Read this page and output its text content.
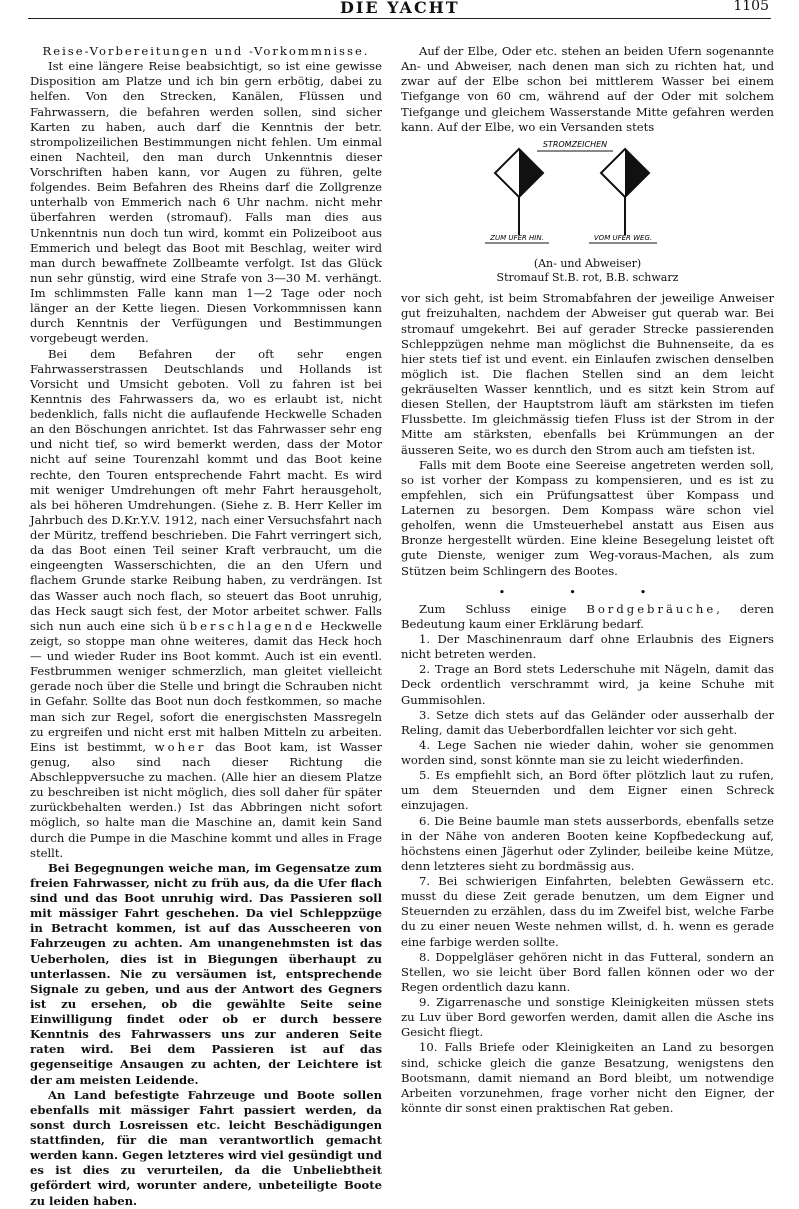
DIE YACHT	1105

Reise-Vorbereitungen und -Vorkommnisse.

Ist eine längere Reise beabsichtigt, so ist eine gewisse Disposition am Platze und ich bin gern erbötig, dabei zu helfen. Von den Strecken, Kanälen, Flüssen und Fahrwassern, die befahren werden sollen, sind sicher Karten zu haben, auch darf die Kenntnis der betr. strompolizeilichen Bestimmungen nicht fehlen. Um einmal einen Nachteil, den man durch Unkenntnis dieser Vorschriften haben kann, vor Augen zu führen, gelte folgendes. Beim Befahren des Rheins darf die Zollgrenze unterhalb von Emmerich nach 6 Uhr nachm. nicht mehr überfahren werden (stromauf). Falls man dies aus Unkenntnis nun doch tun wird, kommt ein Polizeiboot aus Emmerich und belegt das Boot mit Beschlag, weiter wird man durch bewaffnete Zollbeamte verfolgt. Ist das Glück nun sehr günstig, wird eine Strafe von 3—30 M. verhängt. Im schlimmsten Falle kann man 1—2 Tage oder noch länger an der Kette liegen. Diesen Vorkommnissen kann durch Kenntnis der Verfügungen und Bestimmungen vorgebeugt werden.

Bei dem Befahren der oft sehr engen Fahrwasserstrassen Deutschlands und Hollands ist Vorsicht und Umsicht geboten. Voll zu fahren ist bei Kenntnis des Fahrwassers da, wo es erlaubt ist, nicht bedenklich, falls nicht die auflaufende Heckwelle Schaden an den Böschungen anrichtet. Ist das Fahrwasser sehr eng und nicht tief, so wird bemerkt werden, dass der Motor nicht auf seine Tourenzahl kommt und das Boot keine rechte, den Touren entsprechende Fahrt macht. Es wird mit weniger Umdrehungen oft mehr Fahrt herausgeholt, als bei höheren Umdrehungen. (Siehe z. B. Herr Keller im Jahrbuch des D.Kr.Y.V. 1912, nach einer Versuchsfahrt nach der Müritz, treffend beschrieben. Die Fahrt verringert sich, da das Boot einen Teil seiner Kraft verbraucht, um die eingeengten Wasserschichten, die an den Ufern und flachem Grunde starke Reibung haben, zu verdrängen. Ist das Wasser auch noch flach, so steuert das Boot unruhig, das Heck saugt sich fest, der Motor arbeitet schwer. Falls sich nun auch eine sich überschlagende Heckwelle zeigt, so stoppe man ohne weiteres, damit das Heck hoch — und wieder Ruder ins Boot kommt. Auch ist ein eventl. Festbrummen weniger schmerzlich, man gleitet vielleicht gerade noch über die Stelle und bringt die Schrauben nicht in Gefahr. Sollte das Boot nun doch festkommen, so mache man sich zur Regel, sofort die energischsten Massregeln zu ergreifen und nicht erst mit halben Mitteln zu arbeiten. Eins ist bestimmt, woher das Boot kam, ist Wasser genug, also sind nach dieser Richtung die Abschleppversuche zu machen. (Alle hier an diesem Platze zu beschreiben ist nicht möglich, dies soll daher für später zurückbehalten werden.) Ist das Abbringen nicht sofort möglich, so halte man die Maschine an, damit kein Sand durch die Pumpe in die Maschine kommt und alles in Frage stellt.

Bei Begegnungen weiche man, im Gegensatze zum freien Fahrwasser, nicht zu früh aus, da die Ufer flach sind und das Boot unruhig wird. Das Passieren soll mit mässiger Fahrt geschehen. Da viel Schleppzüge in Betracht kommen, ist auf das Ausscheeren von Fahrzeugen zu achten. Am unangenehmsten ist das Ueberholen, dies ist in Biegungen überhaupt zu unterlassen. Nie zu versäumen ist, entsprechende Signale zu geben, und aus der Antwort des Gegners ist zu ersehen, ob die gewählte Seite seine Einwilligung findet oder ob er durch bessere Kenntnis des Fahrwassers uns zur anderen Seite raten wird. Bei dem Passieren ist auf das gegenseitige Ansaugen zu achten, der Leichtere ist der am meisten Leidende.

An Land befestigte Fahrzeuge und Boote sollen ebenfalls mit mässiger Fahrt passiert werden, da sonst durch Losreissen etc. leicht Beschädigungen stattfinden, für die man verantwortlich gemacht werden kann. Gegen letzteres wird viel gesündigt und es ist dies zu verurteilen, da die Unbeliebtheit gefördert wird, worunter andere, unbeteiligte Boote zu leiden haben.

Auf der Elbe, Oder etc. stehen an beiden Ufern sogenannte An- und Abweiser, nach denen man sich zu richten hat, und zwar auf der Elbe schon bei mittlerem Wasser bei einem Tiefgange von 60 cm, während auf der Oder mit solchem Tiefgange und gleichem Wasserstande Mitte gefahren werden kann. Auf der Elbe, wo ein Versanden stets

STROMZEICHEN
ZUM UFER HIN.	VOM UFER WEG.
(An- und Abweiser)
Stromauf St.B. rot, B.B. schwarz

vor sich geht, ist beim Stromabfahren der jeweilige Anweiser gut freizuhalten, nachdem der Abweiser gut querab war. Bei stromauf umgekehrt. Bei auf gerader Strecke passierenden Schleppzügen nehme man möglichst die Buhnenseite, da es hier stets tief ist und event. ein Einlaufen zwischen denselben möglich ist. Die flachen Stellen sind an dem leicht gekräuselten Wasser kenntlich, und es sitzt kein Strom auf diesen Stellen, der Hauptstrom läuft am stärksten im tiefen Flussbette. Im gleichmässig tiefen Fluss ist der Strom in der Mitte am stärksten, ebenfalls bei Krümmungen an der äusseren Seite, wo es durch den Strom auch am tiefsten ist.

Falls mit dem Boote eine Seereise angetreten werden soll, so ist vorher der Kompass zu kompensieren, und es ist zu empfehlen, sich ein Prüfungsattest über Kompass und Laternen zu besorgen. Dem Kompass wäre schon viel geholfen, wenn die Umsteuerhebel anstatt aus Eisen aus Bronze hergestellt würden. Eine kleine Besegelung leistet oft gute Dienste, weniger zum Weg-voraus-Machen, als zum Stützen beim Schlingern des Bootes.

• • •

Zum Schluss einige Bordgebräuche, deren Bedeutung kaum einer Erklärung bedarf.

1. Der Maschinenraum darf ohne Erlaubnis des Eigners nicht betreten werden.

2. Trage an Bord stets Lederschuhe mit Nägeln, damit das Deck ordentlich verschrammt wird, ja keine Schuhe mit Gummisohlen.

3. Setze dich stets auf das Geländer oder ausserhalb der Reling, damit das Ueberbordfallen leichter vor sich geht.

4. Lege Sachen nie wieder dahin, woher sie genommen worden sind, sonst könnte man sie zu leicht wiederfinden.

5. Es empfiehlt sich, an Bord öfter plötzlich laut zu rufen, um dem Steuernden und dem Eigner einen Schreck einzujagen.

6. Die Beine baumle man stets ausserbords, ebenfalls setze in der Nähe von anderen Booten keine Kopfbedeckung auf, höchstens einen Jägerhut oder Zylinder, beileibe keine Mütze, denn letzteres sieht zu bordmässig aus.

7. Bei schwierigen Einfahrten, belebten Gewässern etc. musst du diese Zeit gerade benutzen, um dem Eigner und Steuernden zu erzählen, dass du im Zweifel bist, welche Farbe du zu einer neuen Weste nehmen willst, d. h. wenn es gerade eine farbige werden sollte.

8. Doppelgläser gehören nicht in das Futteral, sondern an Stellen, wo sie leicht über Bord fallen können oder wo der Regen ordentlich dazu kann.

9. Zigarrenasche und sonstige Kleinigkeiten müssen stets zu Luv über Bord geworfen werden, damit allen die Asche ins Gesicht fliegt.

10. Falls Briefe oder Kleinigkeiten an Land zu besorgen sind, schicke gleich die ganze Besatzung, wenigstens den Bootsmann, damit niemand an Bord bleibt, um notwendige Arbeiten vorzunehmen, frage vorher nicht den Eigner, der könnte dir sonst einen praktischen Rat geben.
